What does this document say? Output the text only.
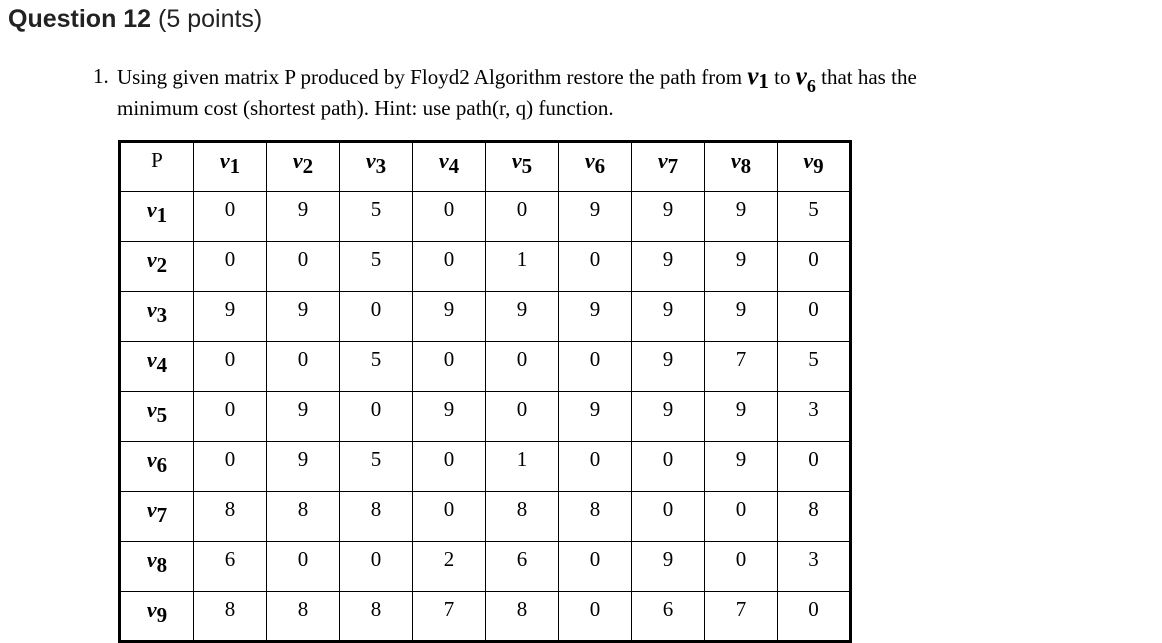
Question 12 (5 points)
1. Using given matrix P produced by Floyd2 Algorithm restore the path from v1 to $v_6$ that has the
minimum cost (shortest path). Hint: use path(r, q) function.
P	v1	v2	v3	v4	v5	v6	v7	v8	v9
v1	0	9	5	0	0	9	9	9	5
v2	0	0	5	0	1	0	9	9	0
v3	9	9	0	9	9	9	9	9	0
v4	0	0	5	0	0	0	9	7	5
v5	0	9	0	9	0	9	9	9	3
v6	0	9	5	0	1	0	0	9	0
v7	8	8	8	0	8	8	0	0	8
v8	6	0	0	2	6	0	9	0	3
v9	8	8	8	7	8	0	6	7	0
